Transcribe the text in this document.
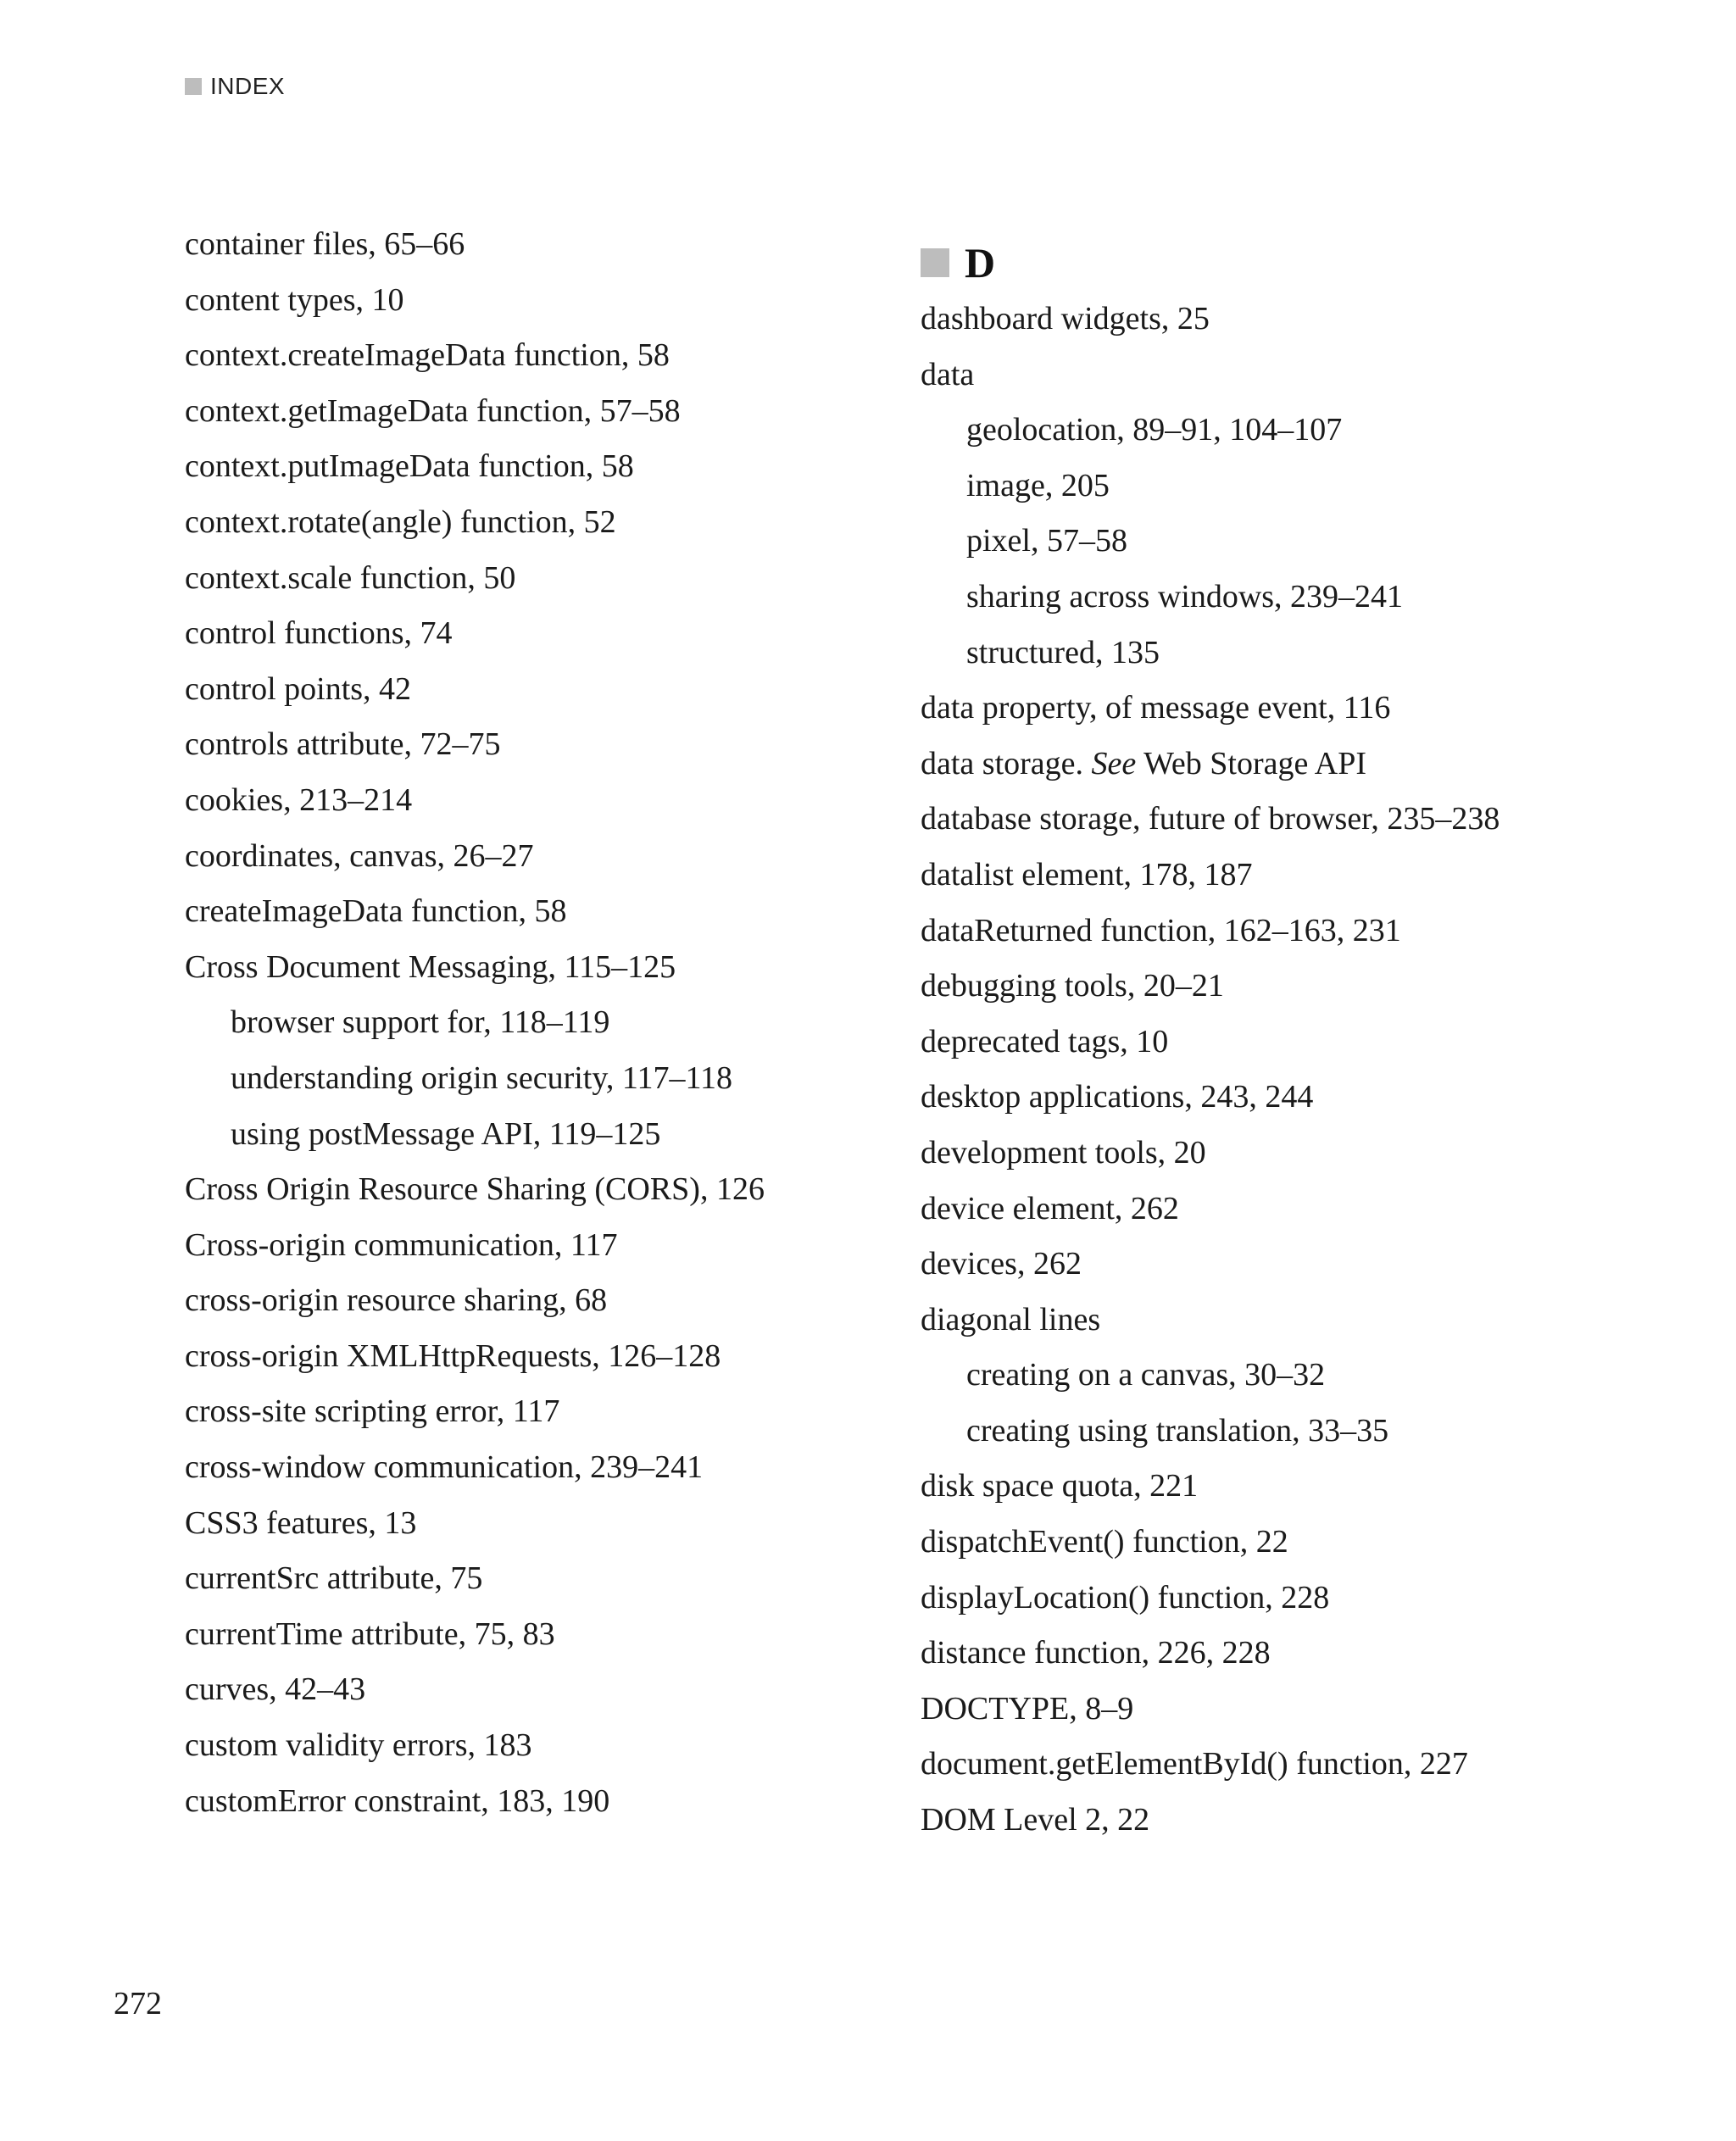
INDEX
container files, 65–66
content types, 10
context.createImageData function, 58
context.getImageData function, 57–58
context.putImageData function, 58
context.rotate(angle) function, 52
context.scale function, 50
control functions, 74
control points, 42
controls attribute, 72–75
cookies, 213–214
coordinates, canvas, 26–27
createImageData function, 58
Cross Document Messaging, 115–125
browser support for, 118–119
understanding origin security, 117–118
using postMessage API, 119–125
Cross Origin Resource Sharing (CORS), 126
Cross-origin communication, 117
cross-origin resource sharing, 68
cross-origin XMLHttpRequests, 126–128
cross-site scripting error, 117
cross-window communication, 239–241
CSS3 features, 13
currentSrc attribute, 75
currentTime attribute, 75, 83
curves, 42–43
custom validity errors, 183
customError constraint, 183, 190
D
dashboard widgets, 25
data
geolocation, 89–91, 104–107
image, 205
pixel, 57–58
sharing across windows, 239–241
structured, 135
data property, of message event, 116
data storage. See Web Storage API
database storage, future of browser, 235–238
datalist element, 178, 187
dataReturned function, 162–163, 231
debugging tools, 20–21
deprecated tags, 10
desktop applications, 243, 244
development tools, 20
device element, 262
devices, 262
diagonal lines
creating on a canvas, 30–32
creating using translation, 33–35
disk space quota, 221
dispatchEvent() function, 22
displayLocation() function, 228
distance function, 226, 228
DOCTYPE, 8–9
document.getElementById() function, 227
DOM Level 2, 22
272
